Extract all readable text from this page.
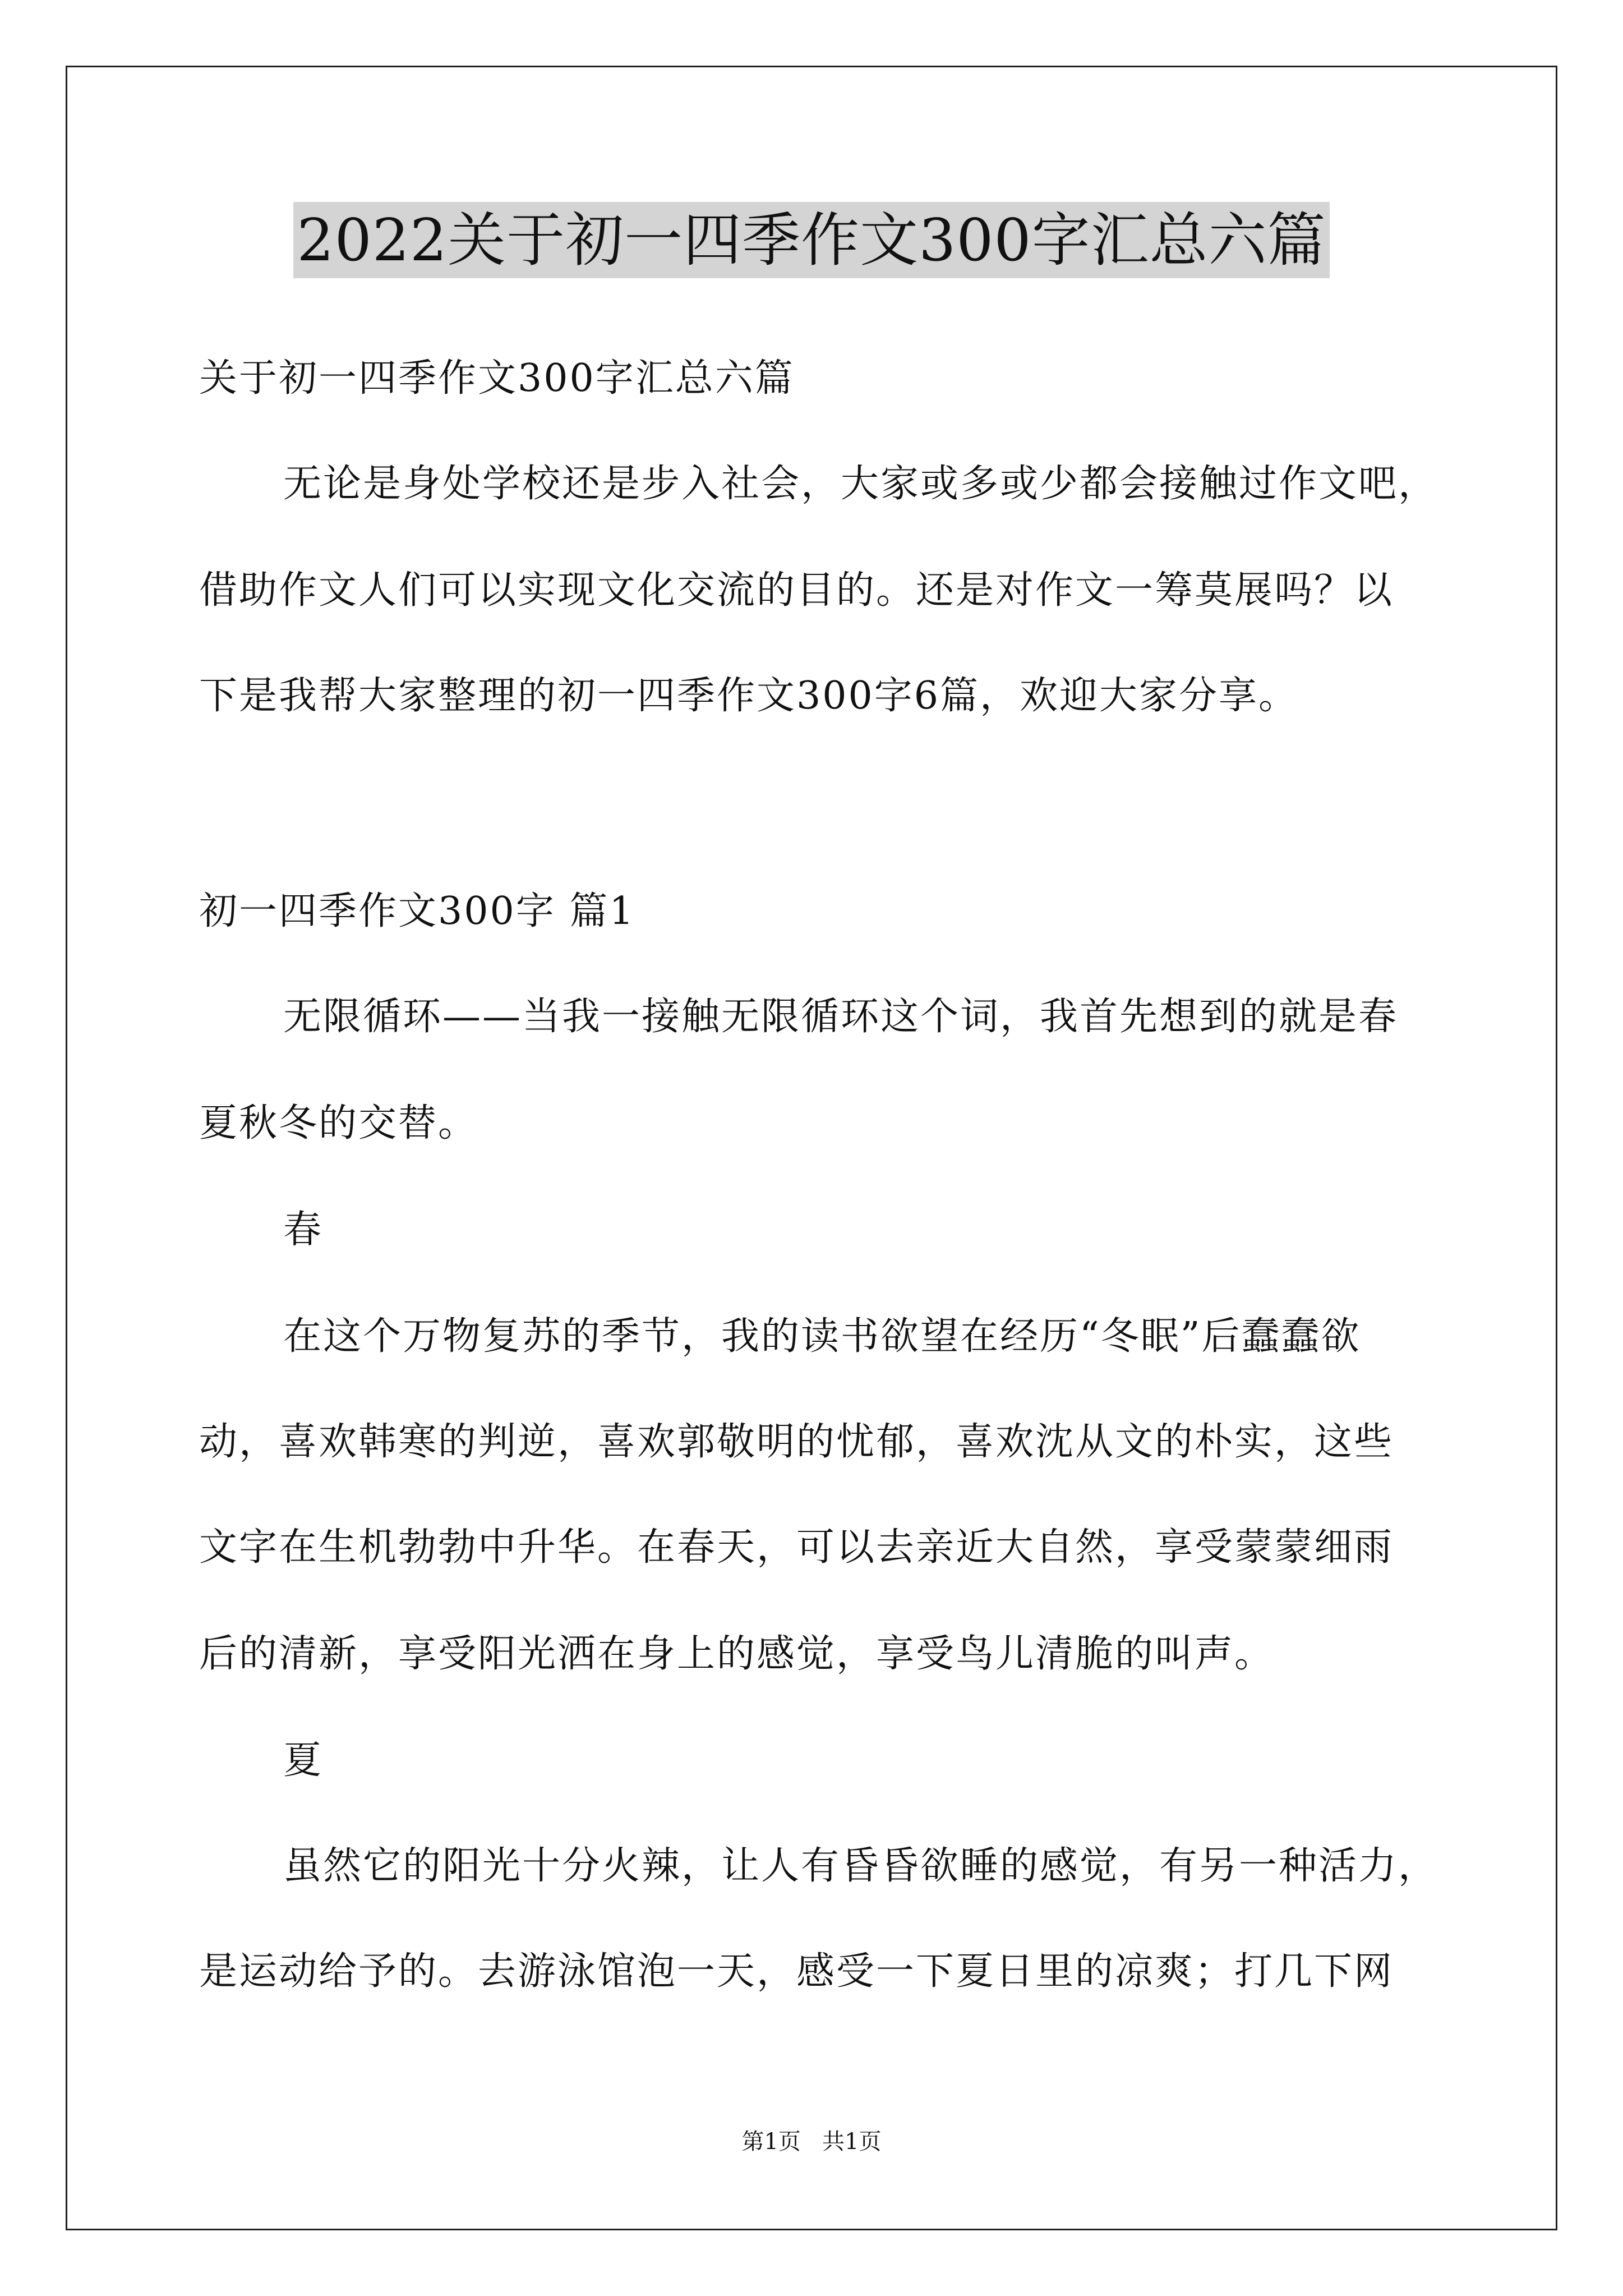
2022关于初一四季作文300字汇总六篇
关于初一四季作文300字汇总六篇
无论是身处学校还是步入社会，大家或多或少都会接触过作文吧，
借助作文人们可以实现文化交流的目的。还是对作文一筹莫展吗？以
下是我帮大家整理的初一四季作文300字6篇，欢迎大家分享。
初一四季作文300字 篇1
无限循环——当我一接触无限循环这个词，我首先想到的就是春
夏秋冬的交替。
春
在这个万物复苏的季节，我的读书欲望在经历“冬眠”后蠢蠢欲
动，喜欢韩寒的判逆，喜欢郭敬明的忧郁，喜欢沈从文的朴实，这些
文字在生机勃勃中升华。在春天，可以去亲近大自然，享受蒙蒙细雨
后的清新，享受阳光洒在身上的感觉，享受鸟儿清脆的叫声。
夏
虽然它的阳光十分火辣，让人有昏昏欲睡的感觉，有另一种活力，
是运动给予的。去游泳馆泡一天，感受一下夏日里的凉爽；打几下网
第1页   共1页
